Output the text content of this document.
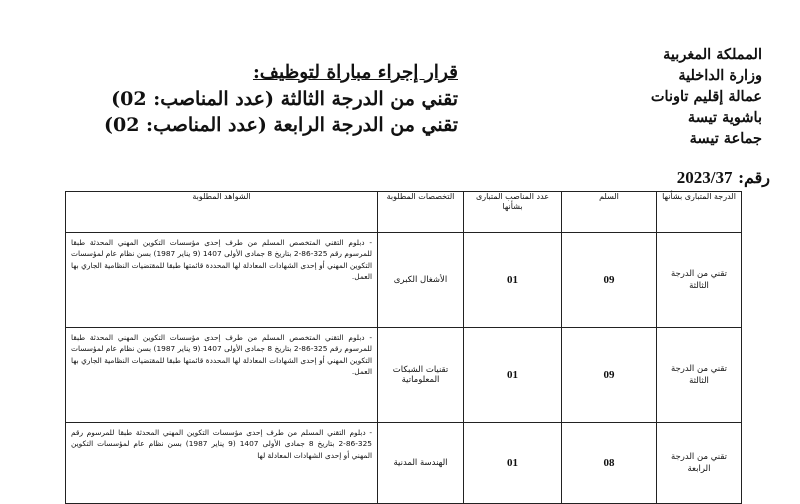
المملكة المغربية
وزارة الداخلية
عمالة إقليم تاونات
باشوية تيسة
جماعة تيسة
قرار إجراء مباراة لتوظيف:
تقني من الدرجة الثالثة (عدد المناصب: 02)
تقني من الدرجة الرابعة (عدد المناصب: 02)
رقم: 2023/37
الدرجة المتبارى بشأنها	السلم	عدد المناصب المتبارى بشأنها	التخصصات المطلوبة	الشواهد المطلوبة
تقني من الدرجة الثالثة	09	01	الأشغال الكبرى	- دبلوم التقني المتخصص المسلم من طرف إحدى مؤسسات التكوين المهني المحدثة طبقا للمرسوم رقم 325-86-2 بتاريخ 8 جمادى الأولى 1407 (9 يناير 1987) بسن نظام عام لمؤسسات التكوين المهني أو إحدى الشهادات المعادلة لها المحددة قائمتها طبقا للمقتضيات النظامية الجاري بها العمل.
تقني من الدرجة الثالثة	09	01	تقنيات الشبكات المعلوماتية	- دبلوم التقني المتخصص المسلم من طرف إحدى مؤسسات التكوين المهني المحدثة طبقا للمرسوم رقم 325-86-2 بتاريخ 8 جمادى الأولى 1407 (9 يناير 1987) بسن نظام عام لمؤسسات التكوين المهني أو إحدى الشهادات المعادلة لها المحددة قائمتها طبقا للمقتضيات النظامية الجاري بها العمل.
تقني من الدرجة الرابعة	08	01	الهندسة المدنية	- دبلوم التقني المسلم من طرف إحدى مؤسسات التكوين المهني المحدثة طبقا للمرسوم رقم 325-86-2 بتاريخ 8 جمادى الأولى 1407 (9 يناير 1987) بسن نظام عام لمؤسسات التكوين المهني أو إحدى الشهادات المعادلة لها
